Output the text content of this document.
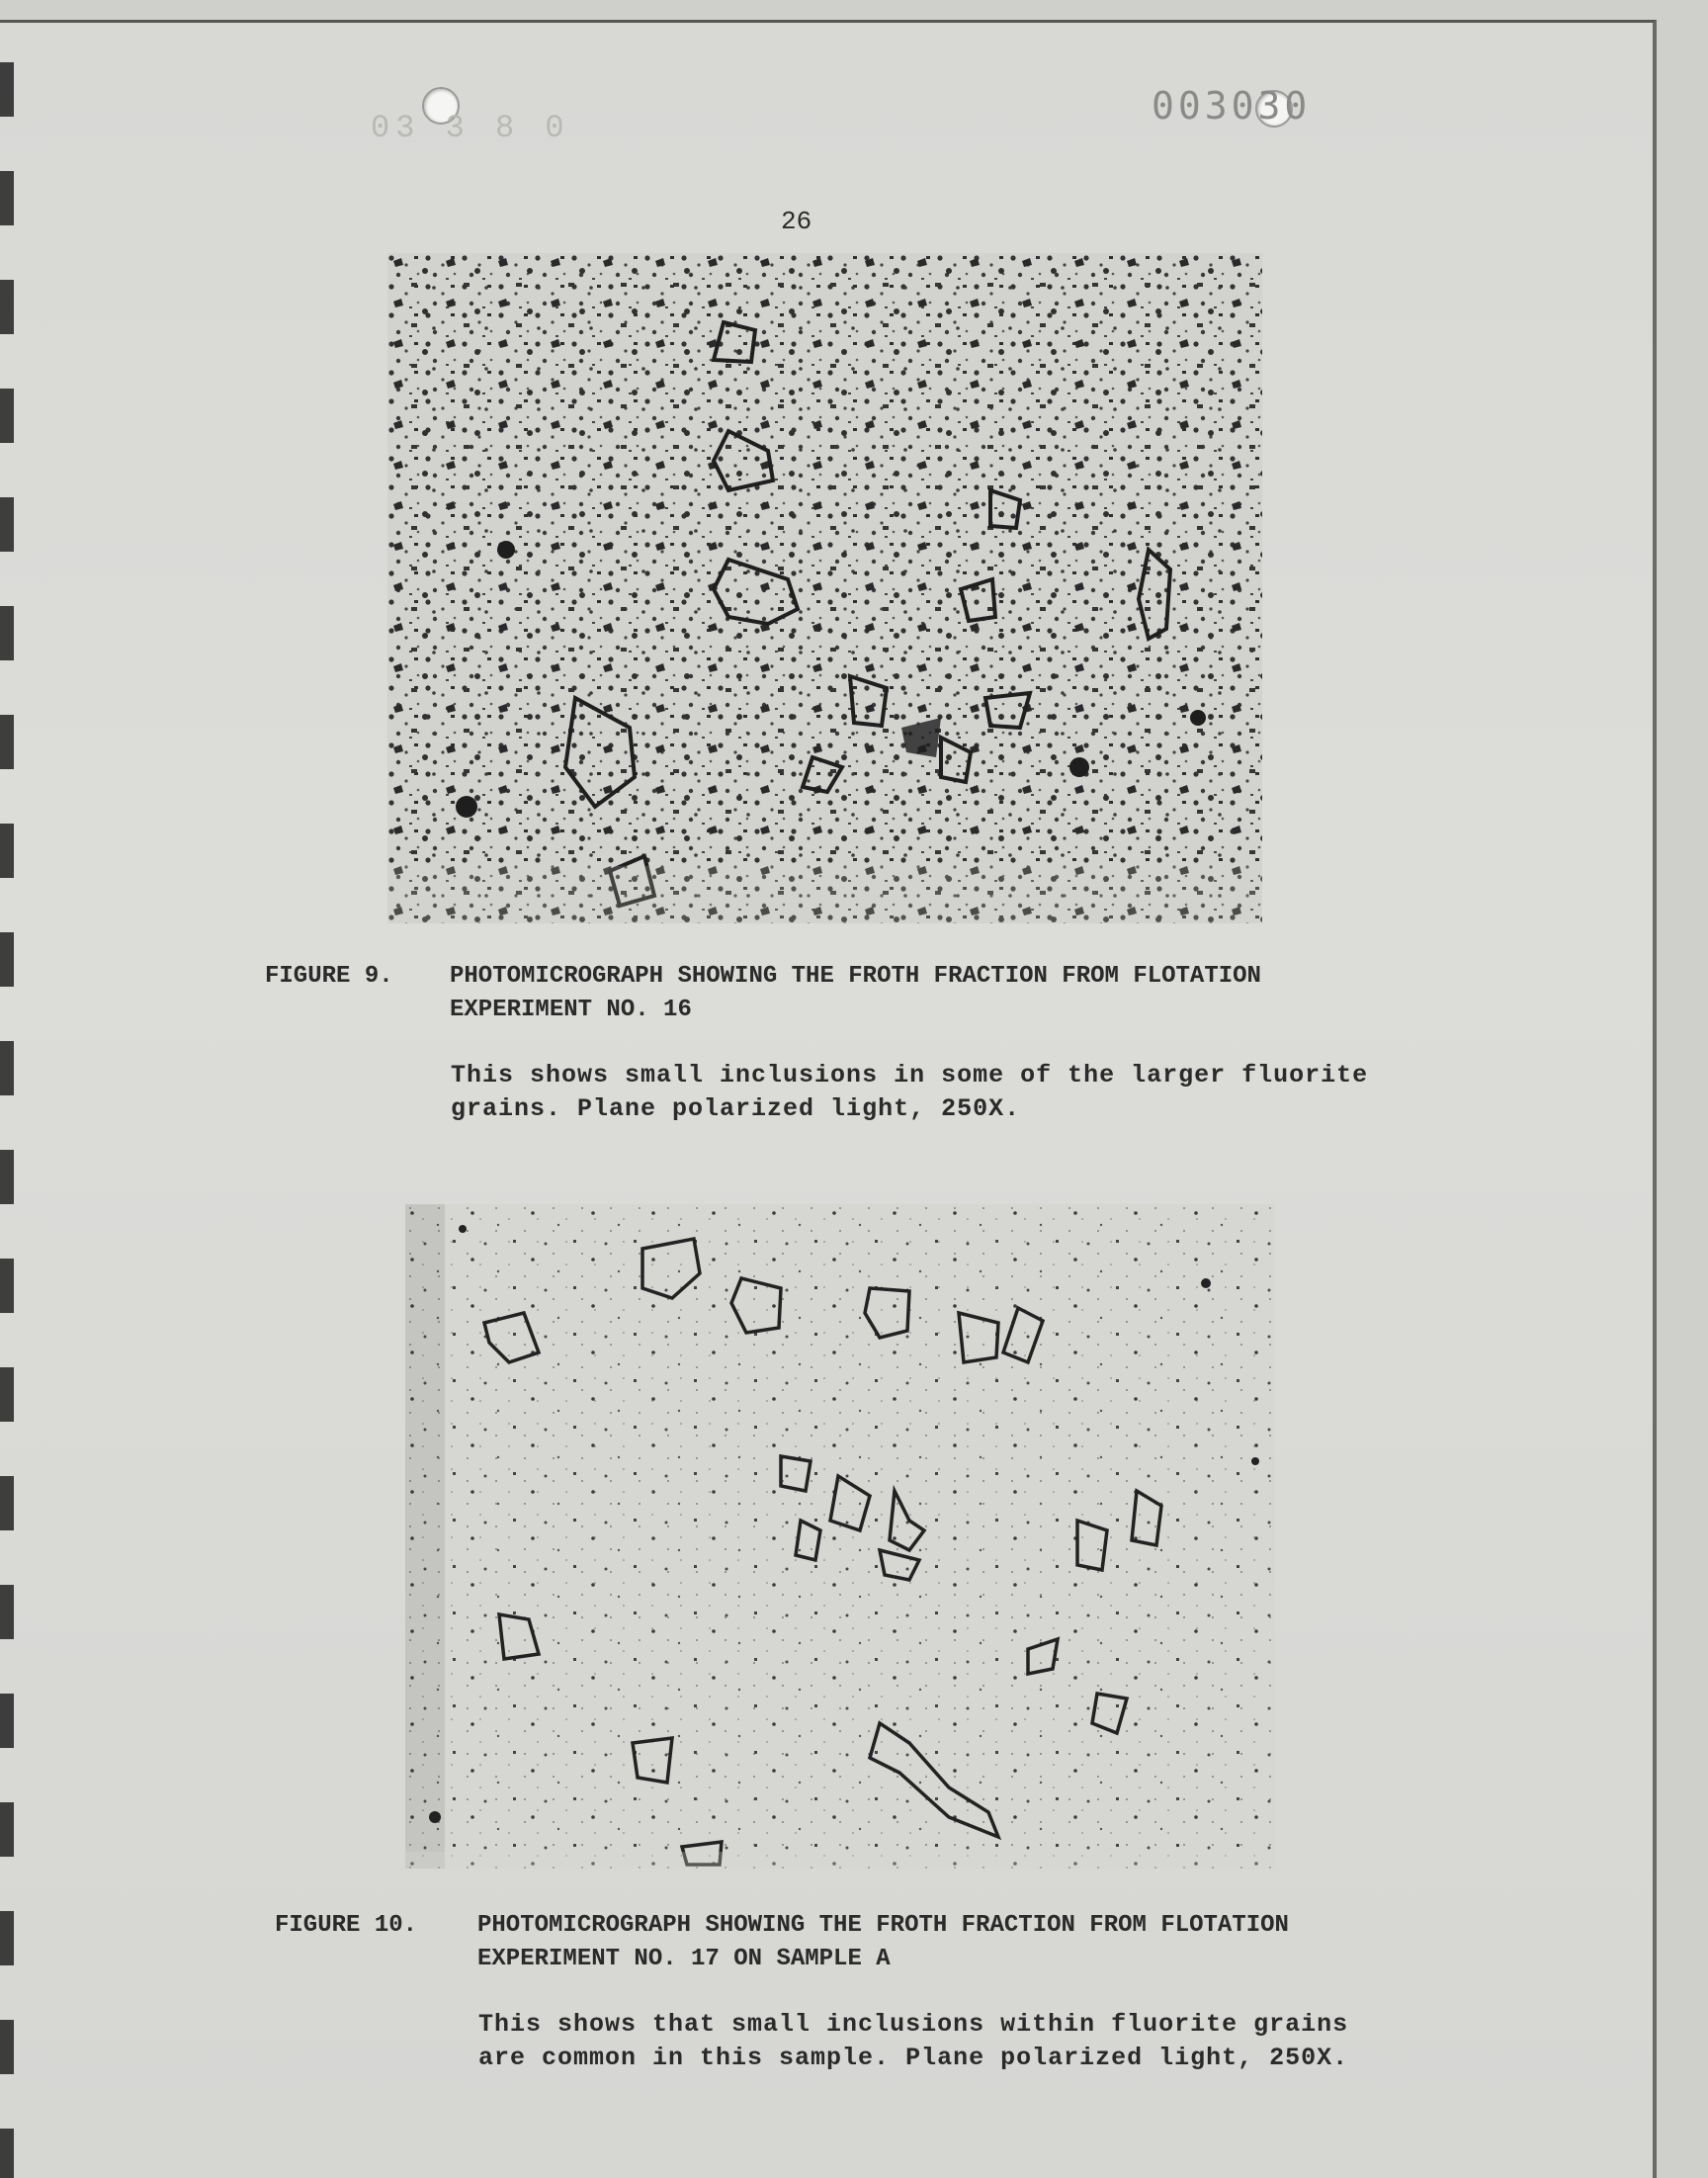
03 3 8 0
003030
26
FIGURE 9. PHOTOMICROGRAPH SHOWING THE FROTH FRACTION FROM FLOTATION
EXPERIMENT NO. 16
This shows small inclusions in some of the larger fluorite
grains. Plane polarized light, 250X.
FIGURE 10.	PHOTOMICROGRAPH SHOWING THE FROTH FRACTION FROM FLOTATION
EXPERIMENT NO. 17 ON SAMPLE A
This shows that small inclusions within fluorite grains
are common in this sample. Plane polarized light, 250X.
